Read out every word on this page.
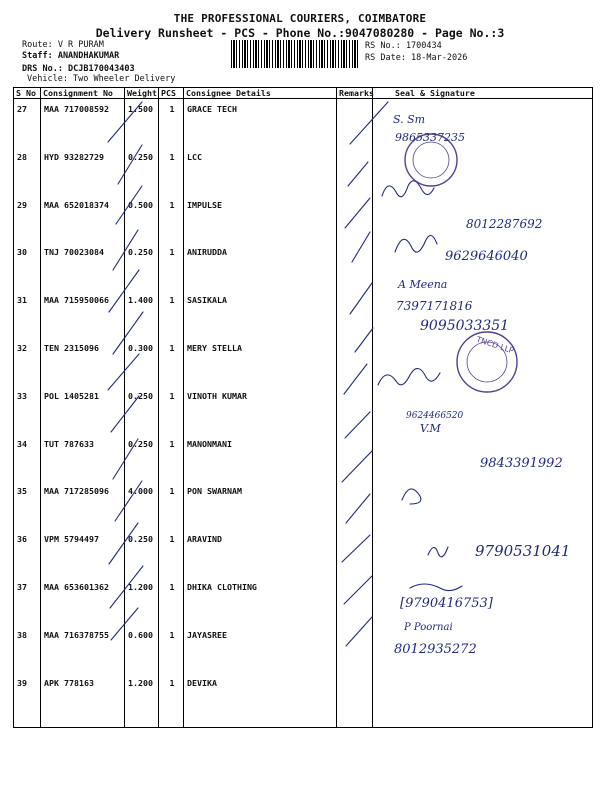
THE PROFESSIONAL COURIERS, COIMBATORE
Delivery Runsheet - PCS - Phone No.:9047080280 - Page No.:3
Route: V R PURAM
Staff: ANANDHAKUMAR
DRS No.: DCJB170043403
Vehicle: Two Wheeler Delivery
RS No.: 1700434
RS Date: 18-Mar-2026
S No	Consignment No	Weight	PCS	Consignee Details	Remarks	Seal & Signature
27	MAA 717008592	1.500	1	GRACE TECH		
28	HYD 93282729	0.250	1	LCC		
29	MAA 652018374	0.500	1	IMPULSE		
30	TNJ 70023084	0.250	1	ANIRUDDA		
31	MAA 715950066	1.400	1	SASIKALA		
32	TEN 2315096	0.300	1	MERY STELLA		
33	POL 1405281	0.250	1	VINOTH KUMAR		
34	TUT 787633	0.250	1	MANONMANI		
35	MAA 717285096	4.000	1	PON SWARNAM		
36	VPM 5794497	0.250	1	ARAVIND		
37	MAA 653601362	1.200	1	DHIKA CLOTHING		
38	MAA 716378755	0.600	1	JAYASREE		
39	APK 778163	1.200	1	DEVIKA		
TNCD LLP
S. Sm
9865337235
8012287692
9629646040
A Meena
7397171816
9095033351
9624466520
V.M
9843391992
9790531041
[9790416753]
P Poornai
8012935272
